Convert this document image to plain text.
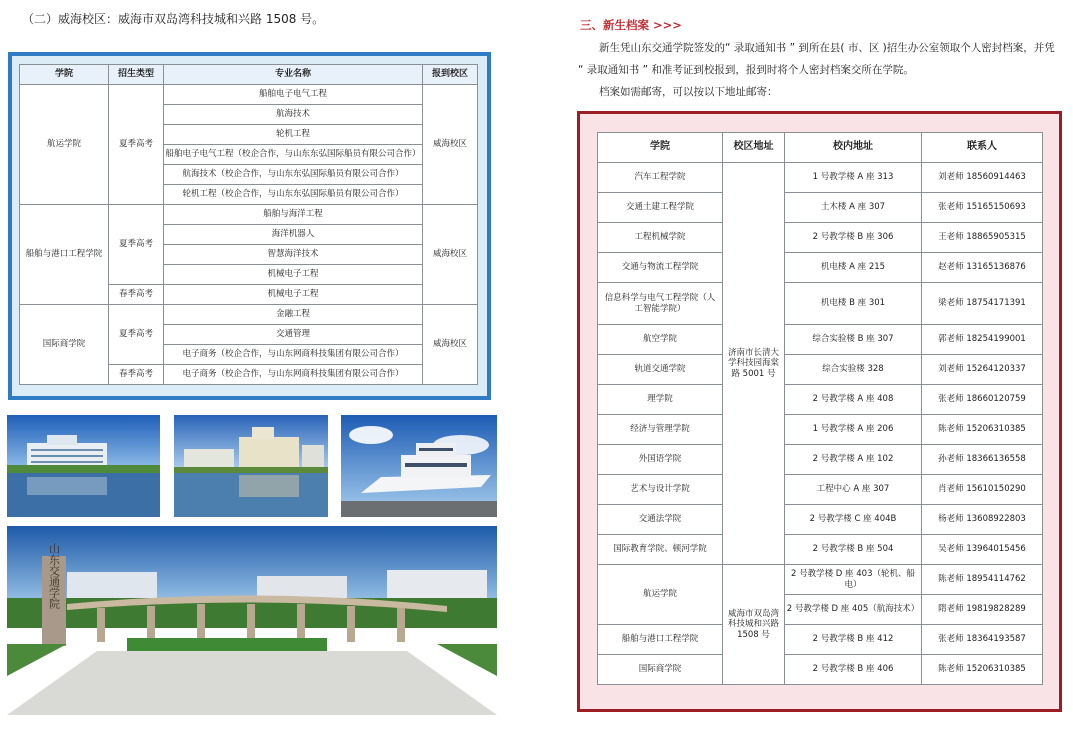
（二）威海校区：威海市双岛湾科技城和兴路 1508 号。
学院	招生类型	专业名称	报到校区
航运学院	夏季高考	船舶电子电气工程	威海校区
		航海技术	
		轮机工程	
		船舶电子电气工程（校企合作，与山东东弘国际船员有限公司合作）	
		航海技术（校企合作，与山东东弘国际船员有限公司合作）	
		轮机工程（校企合作，与山东东弘国际船员有限公司合作）	
船舶与港口工程学院	夏季高考	船舶与海洋工程	威海校区
		海洋机器人	
		智慧海洋技术	
		机械电子工程	
	春季高考	机械电子工程	
国际商学院	夏季高考	金融工程	威海校区
		交通管理	
		电子商务（校企合作，与山东网商科技集团有限公司合作）	
	春季高考	电子商务（校企合作，与山东网商科技集团有限公司合作）	
山东交通学院
三、新生档案 >>>
新生凭山东交通学院签发的“ 录取通知书 ” 到所在县( 市、区 )招生办公室领取个人密封档案，并凭
“ 录取通知书 ” 和准考证到校报到，报到时将个人密封档案交所在学院。
档案如需邮寄，可以按以下地址邮寄：
学院	校区地址	校内地址	联系人
汽车工程学院	济南市长清大学科技园海棠路 5001 号	1 号教学楼 A 座 313	刘老师 18560914463
交通土建工程学院		土木楼 A 座 307	张老师 15165150693
工程机械学院		2 号教学楼 B 座 306	王老师 18865905315
交通与物流工程学院		机电楼 A 座 215	赵老师 13165136876
信息科学与电气工程学院（人工智能学院）		机电楼 B 座 301	梁老师 18754171391
航空学院		综合实验楼 B 座 307	郭老师 18254199001
轨道交通学院		综合实验楼 328	刘老师 15264120337
理学院		2 号教学楼 A 座 408	张老师 18660120759
经济与管理学院		1 号教学楼 A 座 206	陈老师 15206310385
外国语学院		2 号教学楼 A 座 102	孙老师 18366136558
艺术与设计学院		工程中心 A 座 307	肖老师 15610150290
交通法学院		2 号教学楼 C 座 404B	杨老师 13608922803
国际教育学院、顿河学院		2 号教学楼 B 座 504	吴老师 13964015456
航运学院	威海市双岛湾科技城和兴路 1508 号	2 号教学楼 D 座 403（轮机、船电）	陈老师 18954114762
		2 号教学楼 D 座 405（航海技术）	隋老师 19819828289
船舶与港口工程学院		2 号教学楼 B 座 412	张老师 18364193587
国际商学院		2 号教学楼 B 座 406	陈老师 15206310385
